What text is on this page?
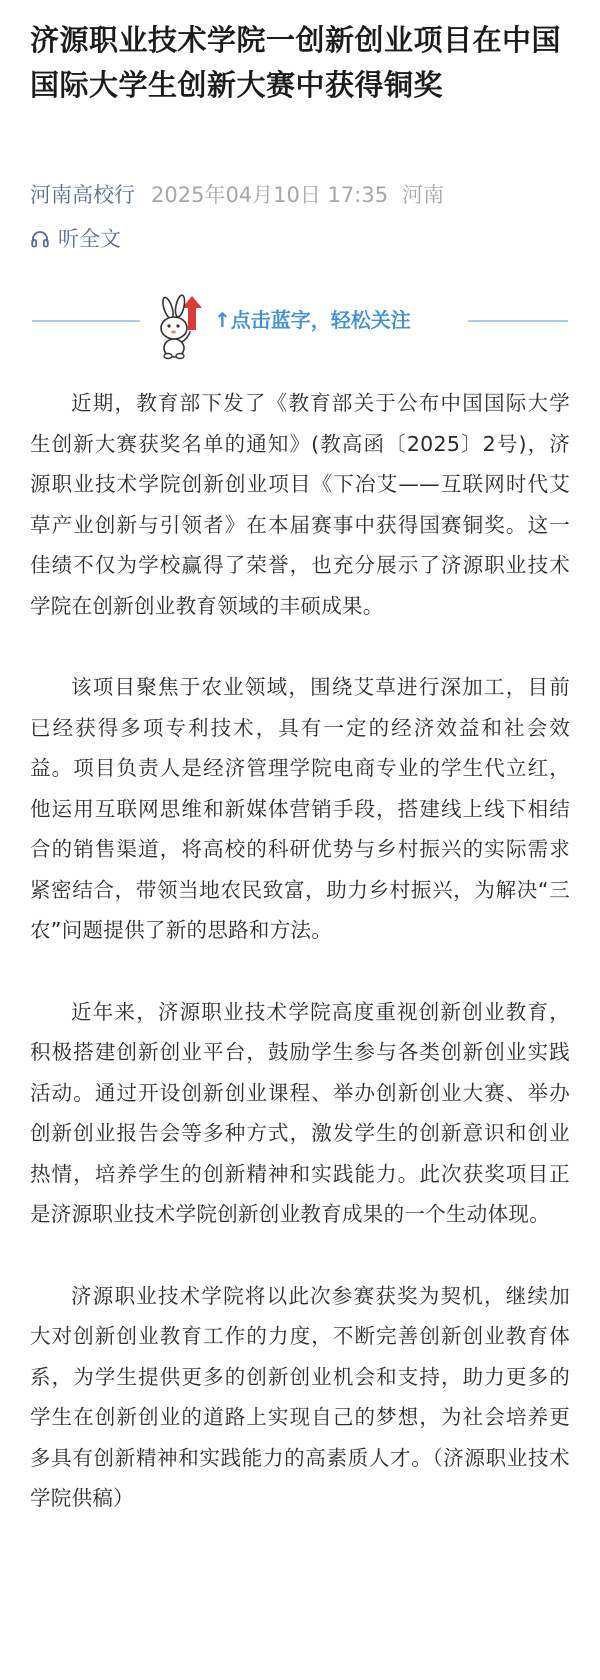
济源职业技术学院一创新创业项目在中国国际大学生创新大赛中获得铜奖
河南高校行 2025年04月10日 17:35 河南
听全文
↑点击蓝字，轻松关注

近期，教育部下发了《教育部关于公布中国国际大学生创新大赛获奖名单的通知》(教高函〔2025〕2号)，济源职业技术学院创新创业项目《下冶艾——互联网时代艾草产业创新与引领者》在本届赛事中获得国赛铜奖。这一佳绩不仅为学校赢得了荣誉，也充分展示了济源职业技术学院在创新创业教育领域的丰硕成果。

该项目聚焦于农业领域，围绕艾草进行深加工，目前已经获得多项专利技术，具有一定的经济效益和社会效益。项目负责人是经济管理学院电商专业的学生代立红，他运用互联网思维和新媒体营销手段，搭建线上线下相结合的销售渠道，将高校的科研优势与乡村振兴的实际需求紧密结合，带领当地农民致富，助力乡村振兴，为解决“三农”问题提供了新的思路和方法。

近年来，济源职业技术学院高度重视创新创业教育，积极搭建创新创业平台，鼓励学生参与各类创新创业实践活动。通过开设创新创业课程、举办创新创业大赛、举办创新创业报告会等多种方式，激发学生的创新意识和创业热情，培养学生的创新精神和实践能力。此次获奖项目正是济源职业技术学院创新创业教育成果的一个生动体现。

济源职业技术学院将以此次参赛获奖为契机，继续加大对创新创业教育工作的力度，不断完善创新创业教育体系，为学生提供更多的创新创业机会和支持，助力更多的学生在创新创业的道路上实现自己的梦想，为社会培养更多具有创新精神和实践能力的高素质人才。（济源职业技术学院供稿）
